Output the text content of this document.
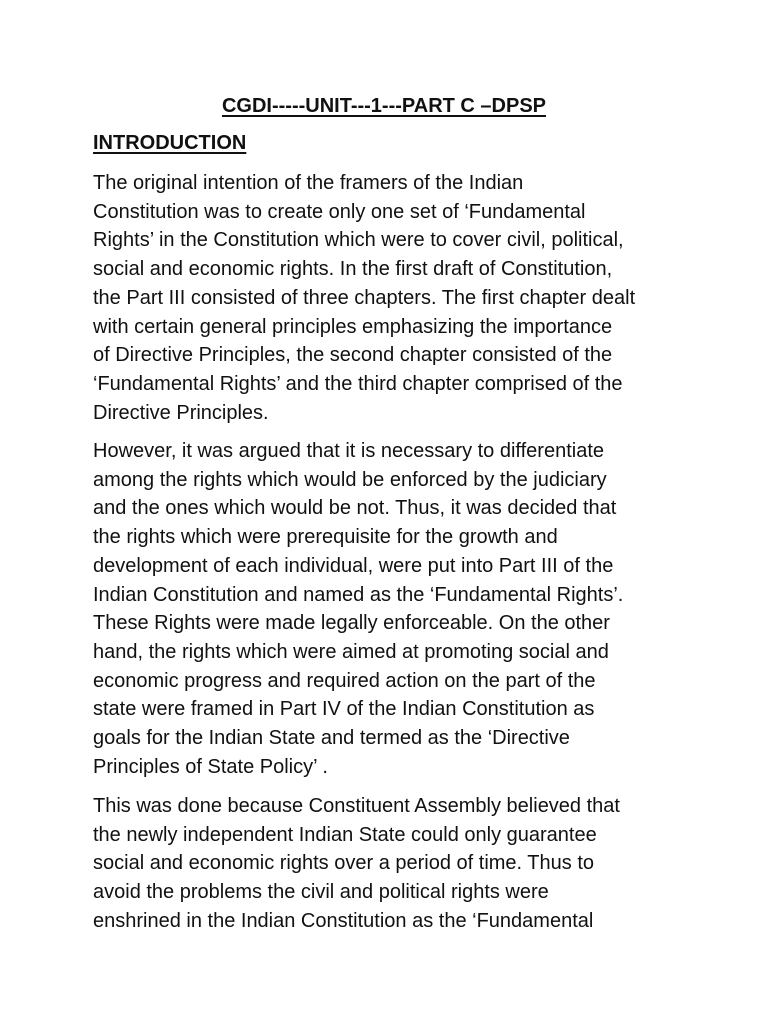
CGDI-----UNIT---1---PART C –DPSP
INTRODUCTION
The original intention of the framers of the Indian
Constitution was to create only one set of ‘Fundamental
Rights’ in the Constitution which were to cover civil, political,
social and economic rights. In the first draft of Constitution,
the Part III consisted of three chapters. The first chapter dealt
with certain general principles emphasizing the importance
of Directive Principles, the second chapter consisted of the
‘Fundamental Rights’ and the third chapter comprised of the
Directive Principles.
However, it was argued that it is necessary to differentiate
among the rights which would be enforced by the judiciary
and the ones which would be not. Thus, it was decided that
the rights which were prerequisite for the growth and
development of each individual, were put into Part III of the
Indian Constitution and named as the ‘Fundamental Rights’.
These Rights were made legally enforceable. On the other
hand, the rights which were aimed at promoting social and
economic progress and required action on the part of the
state were framed in Part IV of the Indian Constitution as
goals for the Indian State and termed as the ‘Directive
Principles of State Policy’ .
This was done because Constituent Assembly believed that
the newly independent Indian State could only guarantee
social and economic rights over a period of time. Thus to
avoid the problems the civil and political rights were
enshrined in the Indian Constitution as the ‘Fundamental
